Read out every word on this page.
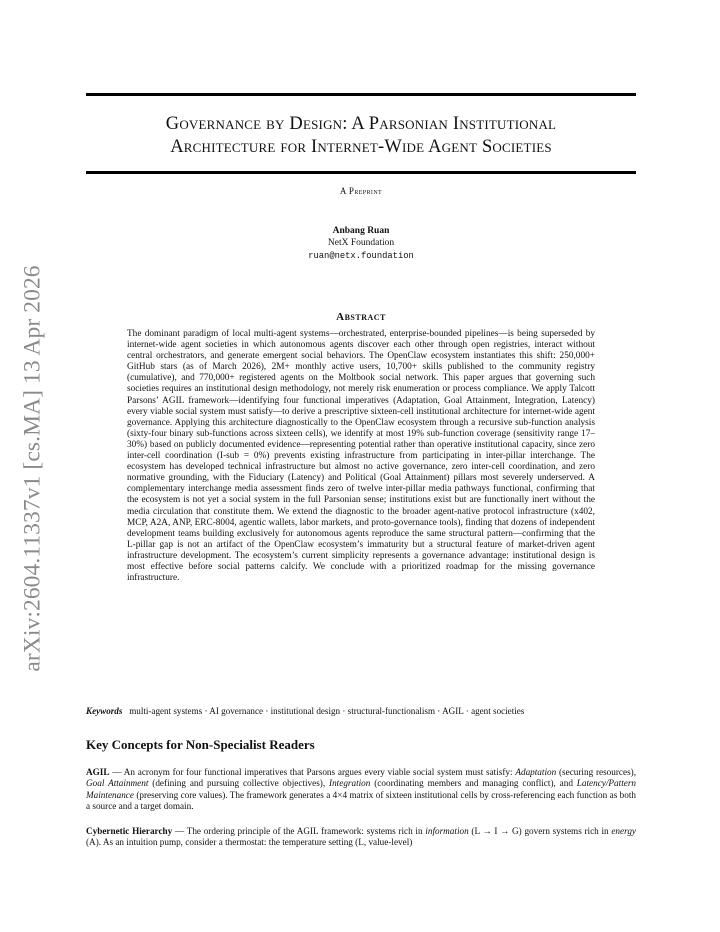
arXiv:2604.11337v1 [cs.MA] 13 Apr 2026
Governance by Design: A Parsonian Institutional
Architecture for Internet-Wide Agent Societies
A Preprint
Anbang Ruan
NetX Foundation
ruan@netx.foundation
Abstract
The dominant paradigm of local multi-agent systems—orchestrated, enterprise-bounded pipelines—is being superseded by internet-wide agent societies in which autonomous agents discover each other through open registries, interact without central orchestrators, and generate emergent social behaviors. The OpenClaw ecosystem instantiates this shift: 250,000+ GitHub stars (as of March 2026), 2M+ monthly active users, 10,700+ skills published to the community registry (cumulative), and 770,000+ registered agents on the Moltbook social network. This paper argues that governing such societies requires an institutional design methodology, not merely risk enumeration or process compliance. We apply Talcott Parsons’ AGIL framework—identifying four functional imperatives (Adaptation, Goal Attainment, Integration, Latency) every viable social system must satisfy—to derive a prescriptive sixteen-cell institutional architecture for internet-wide agent governance. Applying this architecture diagnostically to the OpenClaw ecosystem through a recursive sub-function analysis (sixty-four binary sub-functions across sixteen cells), we identify at most 19% sub-function coverage (sensitivity range 17–30%) based on publicly documented evidence—representing potential rather than operative institutional capacity, since zero inter-cell coordination (I-sub = 0%) prevents existing infrastructure from participating in inter-pillar interchange. The ecosystem has developed technical infrastructure but almost no active governance, zero inter-cell coordination, and zero normative grounding, with the Fiduciary (Latency) and Political (Goal Attainment) pillars most severely underserved. A complementary interchange media assessment finds zero of twelve inter-pillar media pathways functional, confirming that the ecosystem is not yet a social system in the full Parsonian sense; institutions exist but are functionally inert without the media circulation that constitute them. We extend the diagnostic to the broader agent-native protocol infrastructure (x402, MCP, A2A, ANP, ERC-8004, agentic wallets, labor markets, and proto-governance tools), finding that dozens of independent development teams building exclusively for autonomous agents reproduce the same structural pattern—confirming that the L-pillar gap is not an artifact of the OpenClaw ecosystem’s immaturity but a structural feature of market-driven agent infrastructure development. The ecosystem’s current simplicity represents a governance advantage: institutional design is most effective before social patterns calcify. We conclude with a prioritized roadmap for the missing governance infrastructure.
Keywords multi-agent systems · AI governance · institutional design · structural-functionalism · AGIL · agent societies
Key Concepts for Non-Specialist Readers

AGIL — An acronym for four functional imperatives that Parsons argues every viable social system must satisfy: Adaptation (securing resources), Goal Attainment (defining and pursuing collective objectives), Integration (coordinating members and managing conflict), and Latency/Pattern Maintenance (preserving core values). The framework generates a 4×4 matrix of sixteen institutional cells by cross-referencing each function as both a source and a target domain.

Cybernetic Hierarchy — The ordering principle of the AGIL framework: systems rich in information (L → I → G) govern systems rich in energy (A). As an intuition pump, consider a thermostat: the temperature setting (L, value-level)
